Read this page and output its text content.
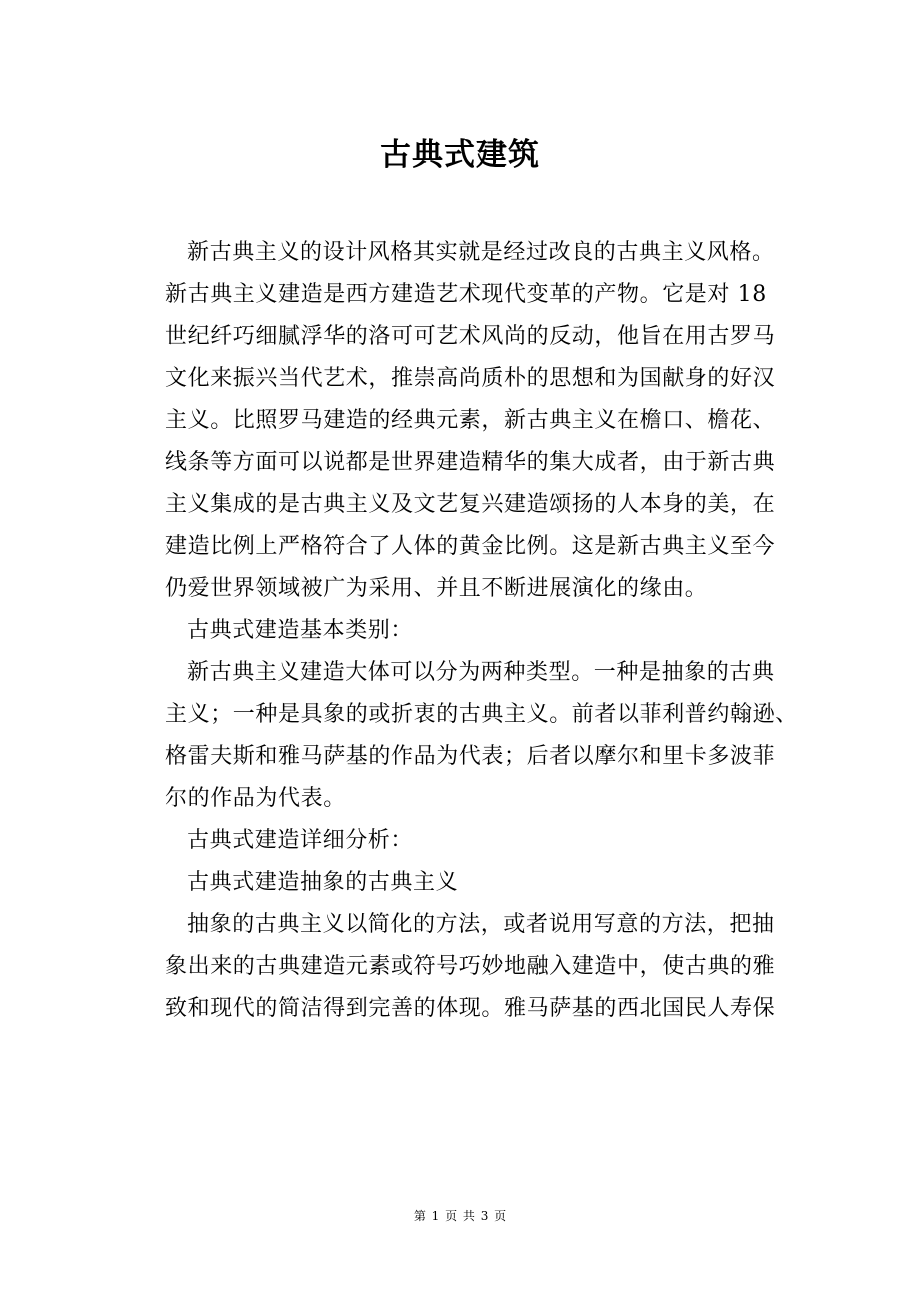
古典式建筑
新古典主义的设计风格其实就是经过改良的古典主义风格。
新古典主义建造是西方建造艺术现代变革的产物。它是对 18
世纪纤巧细腻浮华的洛可可艺术风尚的反动，他旨在用古罗马
文化来振兴当代艺术，推崇高尚质朴的思想和为国献身的好汉
主义。比照罗马建造的经典元素，新古典主义在檐口、檐花、
线条等方面可以说都是世界建造精华的集大成者，由于新古典
主义集成的是古典主义及文艺复兴建造颂扬的人本身的美，在
建造比例上严格符合了人体的黄金比例。这是新古典主义至今
仍爱世界领域被广为采用、并且不断进展演化的缘由。
古典式建造基本类别：
新古典主义建造大体可以分为两种类型。一种是抽象的古典
主义；一种是具象的或折衷的古典主义。前者以菲利普约翰逊、
格雷夫斯和雅马萨基的作品为代表；后者以摩尔和里卡多波菲
尔的作品为代表。
古典式建造详细分析：
古典式建造抽象的古典主义
抽象的古典主义以简化的方法，或者说用写意的方法，把抽
象出来的古典建造元素或符号巧妙地融入建造中，使古典的雅
致和现代的简洁得到完善的体现。雅马萨基的西北国民人寿保
第 1 页 共 3 页
